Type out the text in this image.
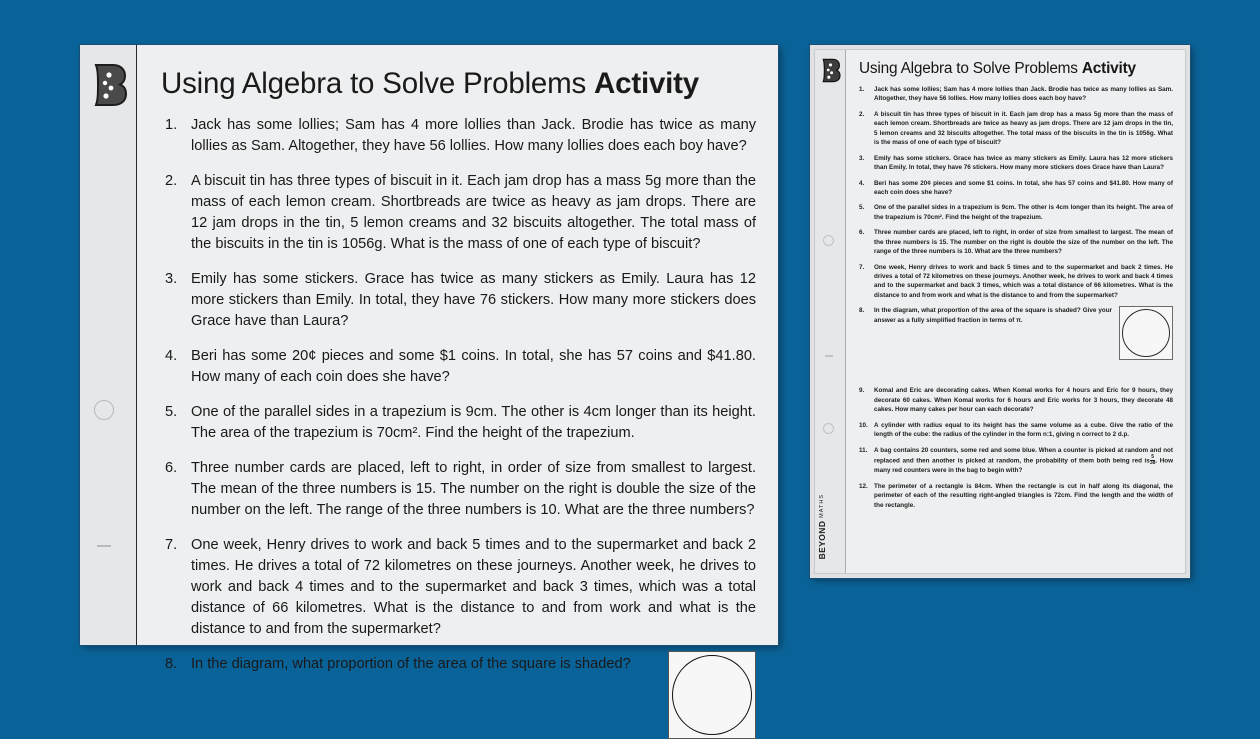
Using Algebra to Solve Problems Activity
Jack has some lollies; Sam has 4 more lollies than Jack. Brodie has twice as many lollies as Sam. Altogether, they have 56 lollies. How many lollies does each boy have?
A biscuit tin has three types of biscuit in it. Each jam drop has a mass 5g more than the mass of each lemon cream. Shortbreads are twice as heavy as jam drops. There are 12 jam drops in the tin, 5 lemon creams and 32 biscuits altogether. The total mass of the biscuits in the tin is 1056g. What is the mass of one of each type of biscuit?
Emily has some stickers. Grace has twice as many stickers as Emily. Laura has 12 more stickers than Emily. In total, they have 76 stickers. How many more stickers does Grace have than Laura?
Beri has some 20¢ pieces and some $1 coins. In total, she has 57 coins and $41.80. How many of each coin does she have?
One of the parallel sides in a trapezium is 9cm. The other is 4cm longer than its height. The area of the trapezium is 70cm². Find the height of the trapezium.
Three number cards are placed, left to right, in order of size from smallest to largest. The mean of the three numbers is 15. The number on the right is double the size of the number on the left. The range of the three numbers is 10. What are the three numbers?
One week, Henry drives to work and back 5 times and to the supermarket and back 2 times. He drives a total of 72 kilometres on these journeys. Another week, he drives to work and back 4 times and to the supermarket and back 3 times, which was a total distance of 66 kilometres. What is the distance to and from work and what is the distance to and from the supermarket?
In the diagram, what proportion of the area of the square is shaded?
BEYOND MATHS
Using Algebra to Solve Problems Activity
Jack has some lollies; Sam has 4 more lollies than Jack. Brodie has twice as many lollies as Sam. Altogether, they have 56 lollies. How many lollies does each boy have?
A biscuit tin has three types of biscuit in it. Each jam drop has a mass 5g more than the mass of each lemon cream. Shortbreads are twice as heavy as jam drops. There are 12 jam drops in the tin, 5 lemon creams and 32 biscuits altogether. The total mass of the biscuits in the tin is 1056g. What is the mass of one of each type of biscuit?
Emily has some stickers. Grace has twice as many stickers as Emily. Laura has 12 more stickers than Emily. In total, they have 76 stickers. How many more stickers does Grace have than Laura?
Beri has some 20¢ pieces and some $1 coins. In total, she has 57 coins and $41.80. How many of each coin does she have?
One of the parallel sides in a trapezium is 9cm. The other is 4cm longer than its height. The area of the trapezium is 70cm². Find the height of the trapezium.
Three number cards are placed, left to right, in order of size from smallest to largest. The mean of the three numbers is 15. The number on the right is double the size of the number on the left. The range of the three numbers is 10. What are the three numbers?
One week, Henry drives to work and back 5 times and to the supermarket and back 2 times. He drives a total of 72 kilometres on these journeys. Another week, he drives to work and back 4 times and to the supermarket and back 3 times, which was a total distance of 66 kilometres. What is the distance to and from work and what is the distance to and from the supermarket?
In the diagram, what proportion of the area of the square is shaded? Give your answer as a fully simplified fraction in terms of π.
Komal and Eric are decorating cakes. When Komal works for 4 hours and Eric for 9 hours, they decorate 60 cakes. When Komal works for 6 hours and Eric works for 3 hours, they decorate 48 cakes. How many cakes per hour can each decorate?
A cylinder with radius equal to its height has the same volume as a cube. Give the ratio of the length of the cube: the radius of the cylinder in the form n:1, giving n correct to 2 d.p.
A bag contains 20 counters, some red and some blue. When a counter is picked at random and not replaced and then another is picked at random, the probability of them both being red is $\frac{5}{38}$. How many red counters were in the bag to begin with?
The perimeter of a rectangle is 84cm. When the rectangle is cut in half along its diagonal, the perimeter of each of the resulting right-angled triangles is 72cm. Find the length and the width of the rectangle.
